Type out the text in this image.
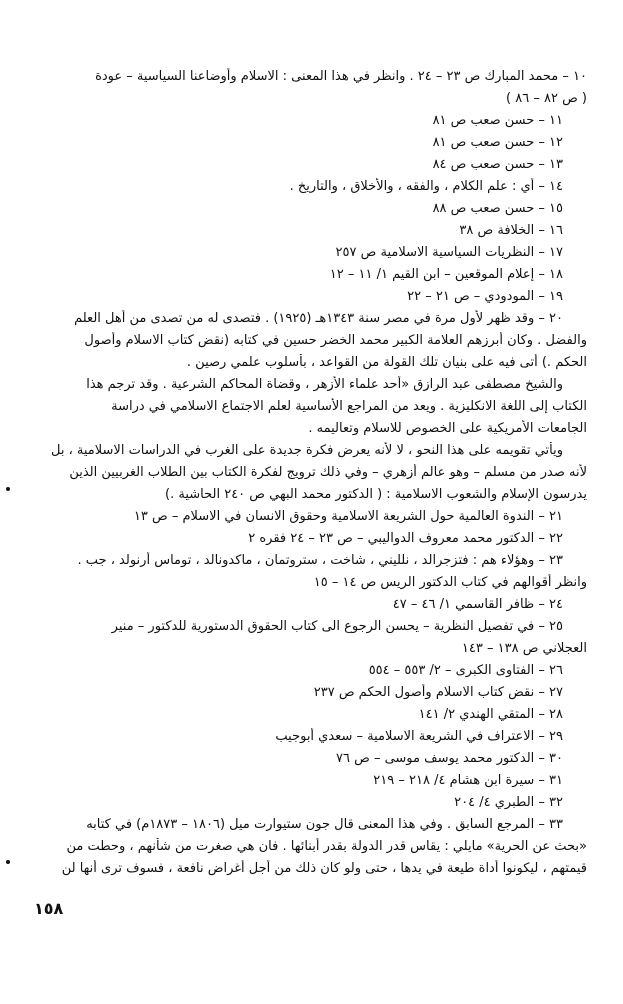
١٠ – محمد المبارك ص ٢٣ – ٢٤ . وانظر في هذا المعنى : الاسلام وأوضاعنا السياسية – عودة
( ص ٨٢ – ٨٦ )
١١ – حسن صعب ص ٨١
١٢ – حسن صعب ص ٨١
١٣ – حسن صعب ص ٨٤
١٤ – أي : علم الكلام ، والفقه ، والأخلاق ، والتاريخ .
١٥ – حسن صعب ص ٨٨
١٦ – الخلافة ص ٣٨
١٧ – النظريات السياسية الاسلامية ص ٢٥٧
١٨ – إعلام الموقعين – ابن القيم ١/ ١١ – ١٢
١٩ – المودودي – ص ٢١ – ٢٢
٢٠ – وقد ظهر لأول مرة في مصر سنة ١٣٤٣هـ (١٩٢٥) . فتصدى له من تصدى من أهل العلم
والفضل . وكان أبرزهم العلامة الكبير محمد الخضر حسين في كتابه (نقض كتاب الاسلام وأصول
الحكم .) أتى فيه على بنيان تلك القولة من القواعد ، بأسلوب علمي رصين .
والشيخ مصطفى عبد الرازق «أحد علماء الأزهر ، وقضاة المحاكم الشرعية . وقد ترجم هذا
الكتاب إلى اللغة الانكليزية . ويعد من المراجع الأساسية لعلم الاجتماع الاسلامي في دراسة
الجامعات الأمريكية على الخصوص للاسلام وتعاليمه .
ويأتي تقويمه على هذا النحو ، لا لأنه يعرض فكرة جديدة على الغرب في الدراسات الاسلامية ، بل
لأنه صدر من مسلم – وهو عالم أزهري – وفي ذلك ترويج لفكرة الكتاب بين الطلاب الغربيين الذين
يدرسون الإسلام والشعوب الاسلامية : ( الدكتور محمد البهي ص ٢٤٠ الحاشية .)
٢١ – الندوة العالمية حول الشريعة الاسلامية وحقوق الانسان في الاسلام – ص ١٣
٢٢ – الدكتور محمد معروف الدواليبي – ص ٢٣ – ٢٤ فقره ٢
٢٣ – وهؤلاء هم : فتزجرالد ، نلليني ، شاخت ، ستروتمان ، ماكدونالد ، توماس أرنولد ، جب .
وانظر أقوالهم في كتاب الدكتور الريس ص ١٤ – ١٥
٢٤ – ظافر القاسمي ١/ ٤٦ – ٤٧
٢٥ – في تفصيل النظرية – يحسن الرجوع الى كتاب الحقوق الدستورية للدكتور – منير
العجلاني ص ١٣٨ – ١٤٣
٢٦ – الفتاوى الكبرى – ٢/ ٥٥٣ – ٥٥٤
٢٧ – نقض كتاب الاسلام وأصول الحكم ص ٢٣٧
٢٨ – المتقي الهندي ٢/ ١٤١
٢٩ – الاعتراف في الشريعة الاسلامية – سعدي أبوجيب
٣٠ – الدكتور محمد يوسف موسى – ص ٧٦
٣١ – سيرة ابن هشام ٤/ ٢١٨ – ٢١٩
٣٢ – الطبري ٤/ ٢٠٤
٣٣ – المرجع السابق . وفي هذا المعنى قال جون ستيوارت ميل (١٨٠٦ – ١٨٧٣م) في كتابه
«بحث عن الحرية» مايلي : يقاس قدر الدولة بقدر أبنائها . فان هي صغرت من شأنهم ، وحطت من
قيمتهم ، ليكونوا أداة طيعة في يدها ، حتى ولو كان ذلك من أجل أغراض نافعة ، فسوف ترى أنها لن
١٥٨
